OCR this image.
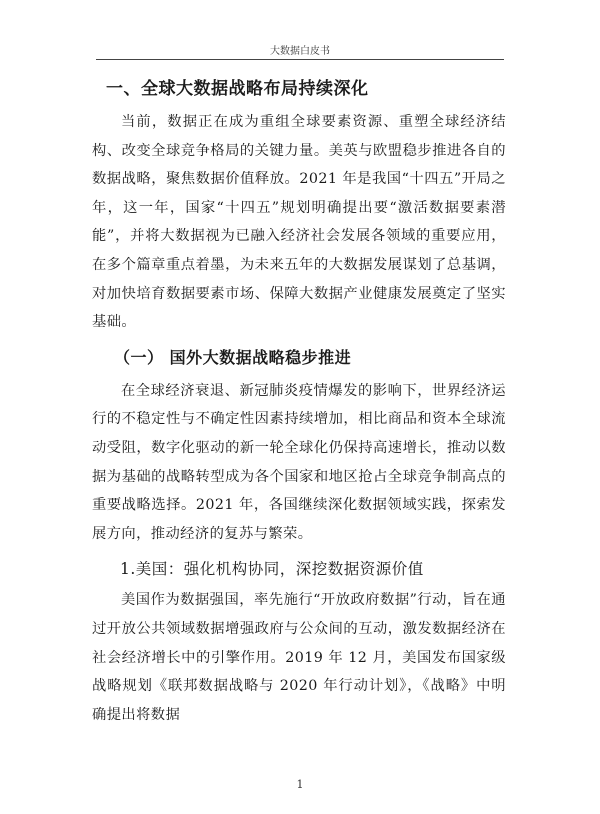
大数据白皮书
一、全球大数据战略布局持续深化

当前，数据正在成为重组全球要素资源、重塑全球经济结构、改变全球竞争格局的关键力量。美英与欧盟稳步推进各自的数据战略，聚焦数据价值释放。2021 年是我国“十四五”开局之年，这一年，国家“十四五”规划明确提出要“激活数据要素潜能”，并将大数据视为已融入经济社会发展各领域的重要应用，在多个篇章重点着墨，为未来五年的大数据发展谋划了总基调，对加快培育数据要素市场、保障大数据产业健康发展奠定了坚实基础。

（一） 国外大数据战略稳步推进

在全球经济衰退、新冠肺炎疫情爆发的影响下，世界经济运行的不稳定性与不确定性因素持续增加，相比商品和资本全球流动受阻，数字化驱动的新一轮全球化仍保持高速增长，推动以数据为基础的战略转型成为各个国家和地区抢占全球竞争制高点的重要战略选择。2021 年，各国继续深化数据领域实践，探索发展方向，推动经济的复苏与繁荣。

1.美国：强化机构协同，深挖数据资源价值

美国作为数据强国，率先施行“开放政府数据”行动，旨在通过开放公共领域数据增强政府与公众间的互动，激发数据经济在社会经济增长中的引擎作用。2019 年 12 月，美国发布国家级战略规划《联邦数据战略与 2020 年行动计划》，《战略》中明确提出将数据

1
